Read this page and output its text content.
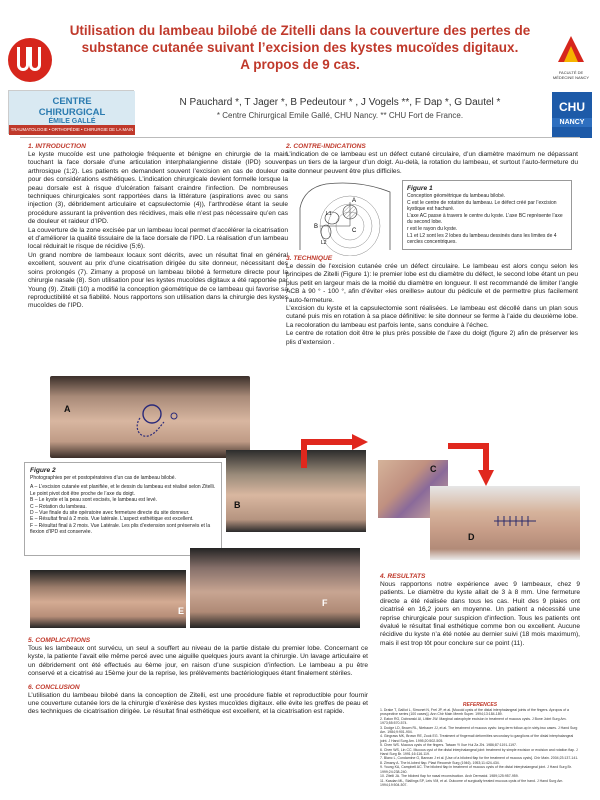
Utilisation du lambeau bilobé de Zitelli dans la couverture des pertes de
substance cutanée suivant l’excision des kystes mucoïdes digitaux.
A propos de 9 cas.
FACULTÉ DE MÉDECINE NANCY
CENTRE
CHIRURGICAL
ÉMILE GALLÉ
TRAUMATOLOGIE • ORTHOPÉDIE • CHIRURGIE DE LA MAIN
N Pauchard *, T Jager *, B Pedeutour * , J Vogels **, F Dap *, G Dautel *
* Centre Chirurgical Emile Gallé, CHU Nancy. ** CHU Fort de France.
CHU
NANCY
1. INTRODUCTION

Le kyste mucoïde est une pathologie fréquente et bénigne en chirurgie de la main touchant la face dorsale d’une articulation interphalangienne distale (IPD) souvent arthrosique (1;2). Les patients en demandent souvent l’excision en cas de douleur ou pour des considérations esthétiques. L’indication chirurgicale devient formelle lorsque la peau dorsale est à risque d’ulcération faisant craindre l’infection. De nombreuses techniques chirurgicales sont rapportées dans la littérature (aspirations avec ou sans injection (3), débridement articulaire et capsulectomie (4)), l’arthrodèse étant la seule procédure assurant la prévention des récidives, mais elle n’est pas nécessaire qu’en cas de douleur et raideur d’IPD.

La couverture de la zone excisée par un lambeau local permet d’accélérer la cicatrisation et d’améliorer la qualité tissulaire de la face dorsale de l’IPD. La réalisation d’un lambeau local réduirait le risque de récidive (5;6).

Un grand nombre de lambeaux locaux sont décrits, avec un résultat final en général excellent, souvent au prix d’une cicatrisation dirigée du site donneur, nécessitant des soins prolongés (7). Zimany a proposé un lambeau bilobé à fermeture directe pour la chirurgie nasale (8). Son utilisation pour les kystes mucoïdes digitaux a été rapportée par Young (9). Zitelli (10) a modifié la conception géométrique de ce lambeau qui favorise sa reproductibilité et sa fiabilité. Nous rapportons son utilisation dans la chirurgie des kystes mucoïdes de l’IPD.

2. CONTRE-INDICATIONS

L’indication de ce lambeau est un défect cutané circulaire, d’un diamètre maximum ne dépassant pas un tiers de la largeur d’un doigt. Au-delà, la rotation du lambeau, et surtout l’auto-fermeture du site donneur peuvent être plus difficiles.

A
B
C
L1
L2
Figure 1
Conception géométrique du lambeau bilobé.
C est le centre de rotation du lambeau. Le défect créé par l’excision kystique est hachuré.
L’axe AC passe à travers le centre du kyste. L’axe BC représente l’axe du second lobe.
r est le rayon du kyste.
L1 et L2 sont les 2 lobes du lambeau dessinés dans les limites de 4 cercles concentriques.
3. TECHNIQUE

Le dessin de l’excision cutanée crée un défect circulaire. Le lambeau est alors conçu selon les principes de Zitelli (Figure 1): le premier lobe est du diamètre du défect, le second lobe étant un peu plus petit en largeur mais de la moitié du diamètre en longueur. Il est recommandé de limiter l’angle ACB à 90 ° - 100 °, afin d’éviter «les oreilles» autour du pédicule et de permettre plus facilement l’auto-fermeture.

L’excision du kyste et la capsulectomie sont réalisées. Le lambeau est décollé dans un plan sous cutané puis mis en rotation à sa place définitive: le site donneur se ferme à l’aide du deuxième lobe. La recoloration du lambeau est parfois lente, sans conduire à l’échec.

Le centre de rotation doit être le plus près possible de l’axe du doigt (figure 2) afin de préserver les plis d’extension .

A
Figure 2
Photographies per et postopératoires d’un cas de lambeau bilobé.
A – L’excision cutanée est planifiée, et le dessin du lambeau est réalisé selon Zitelli. Le point pivot doit être proche de l’axe du doigt.
B – Le kyste et la peau sont excisés, le lambeau est levé.
C – Rotation du lambeau.
D – Vue finale du site opératoire avec fermeture directe du site donneur.
E – Résultat final à 2 mois. Vue latérale. L’aspect esthétique est excellent.
F – Résultat final à 2 mois. Vue Latérale. Les plis d’extension sont préservés et la flexion d’IPD est conservée.
B
C
D
E
F
4. RESULTATS

Nous rapportons notre expérience avec 9 lambeaux, chez 9 patients. Le diamètre du kyste allait de 3 à 8 mm. Une fermeture directe a été réalisée dans tous les cas. Huit des 9 plaies ont cicatrisé en 16,2 jours en moyenne. Un patient a nécessité une reprise chirurgicale pour suspicion d’infection. Tous les patients ont évalué le résultat final esthétique comme bon ou excellent. Aucune récidive du kyste n’a été notée au dernier suivi (18 mois maximum), mais il est trop tôt pour conclure sur ce point (11).

5. COMPLICATIONS

Tous les lambeaux ont survécu, un seul a souffert au niveau de la partie distale du premier lobe. Concernant ce kyste, la patiente l’avait elle même percé avec une aiguille quelques jours avant la chirurgie. Un lavage articulaire et un débridement ont été effectués au 6ème jour, en raison d’une suspicion d’infection. Le lambeau a pu être conservé et a cicatrisé au 15ème jour de la reprise, les prélèvements bactériologiques étant finalement stériles.

6. CONCLUSION

L’utilisation du lambeau bilobé dans la conception de Zitelli, est une procédure fiable et reproductible pour fournir une couverture cutanée lors de la chirurgie d’exérèse des kystes mucoïdes digitaux. elle évite les greffes de peau et des techniques de cicatrisation dirigée. Le résultat final esthétique est excellent, et la cicatrisation est rapide.

REFERENCES
1. Drake T, Galliot L, Simonet N, Frel JP, et al. [Mucoid cysts of the distal interphalangeal joints of the fingers. Apropos of a prospective series (100 cases)]. Ann Chir Main Memb Super. 1994;13:184-189.
2. Eaton RG, Dobranski AI, Littler JW. Marginal osteophyte excision in treatment of mucous cysts. J Bone Joint Surg Am. 1973;55:570-574.
3. Dodge LD, Brown RL, Niebauer JJ, et al. The treatment of mucous cysts: long-term follow-up in sixty-two cases. J Hand Surg Am. 1984;9:901-904.
4. Gingrass MK, Brown RE, Zook EG. Treatment of fingernail deformities secondary to ganglions of the distal interphalangeal joint. J Hand Surg Am. 1995;20:502-505.
5. Chen WS. Mucous cysts of the fingers. Taiwan Yi Xue Hui Za Zhi. 1986;87:1191-1197.
6. Chen WS, Lin CC. Mucous cyst of the distal interphalangeal joint: treatment by simple excision or excision and rotation flap. J Hand Surg Br. 1991;16:116-119.
7. Blanc L, Condamine G, Bannan J et al. [Use of a bilobed flap for the treatment of mucous cysts]. Chir Main. 2004;23:137-141.
8. Zimany A. The bi-lobed flap. Plast Reconstr Surg (1946). 1953;11:424-434.
9. Young KA, Campbell AC. The bilobed flap in treatment of mucous cysts of the distal interphalangeal joint. J Hand Surg Br. 1999;24:238-240.
10. Zitelli JA. The bilobed flap for nasal reconstruction. Arch Dermatol. 1989;125:957-959.
11. Kasdan ML, Stallings SP, Leis VM, et al. Outcome of surgically treated mucous cysts of the hand. J Hand Surg Am. 1994;19:504-507.
